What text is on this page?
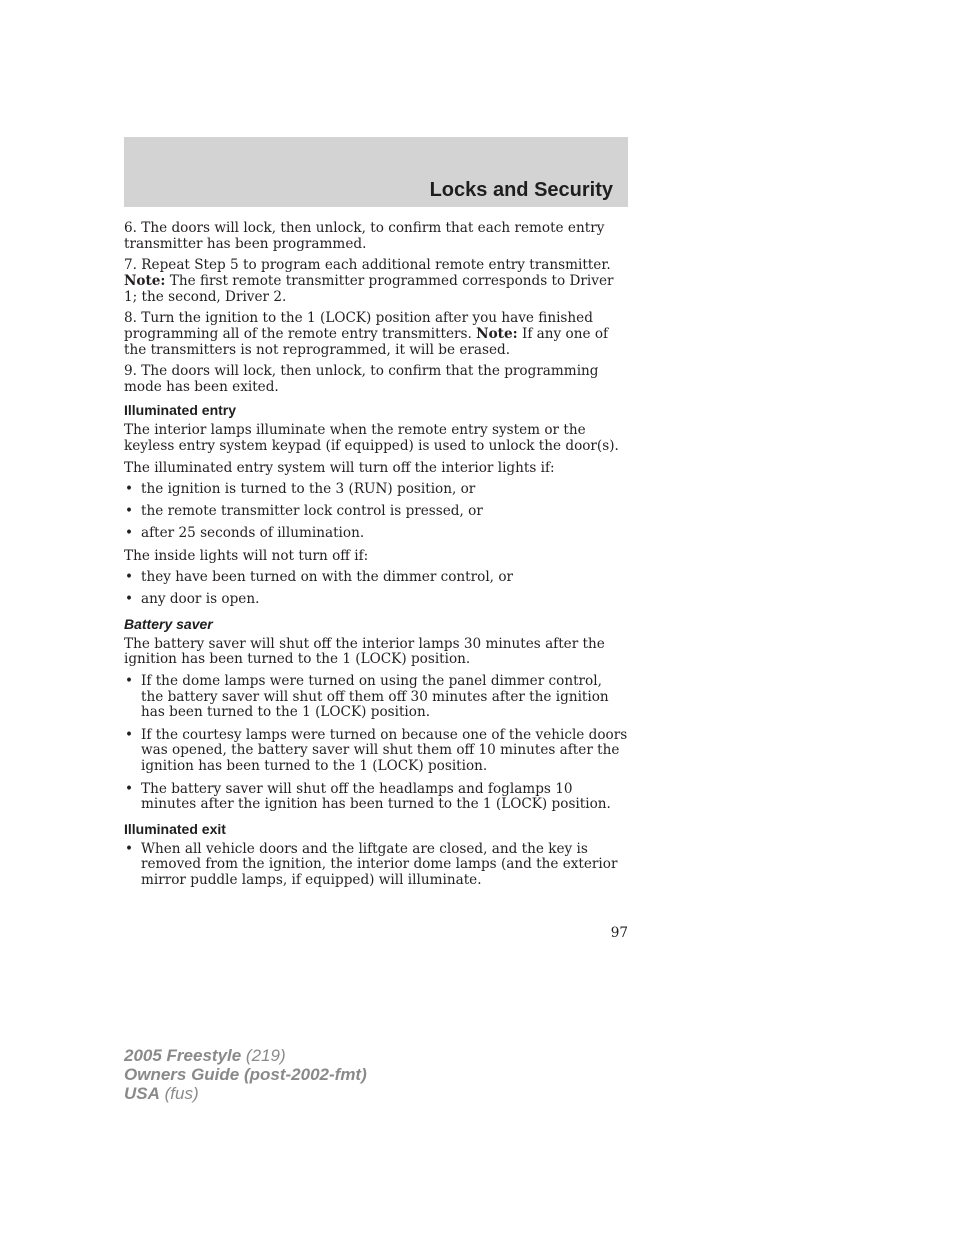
Locks and Security

6. The doors will lock, then unlock, to confirm that each remote entry transmitter has been programmed.

7. Repeat Step 5 to program each additional remote entry transmitter.
Note: The first remote transmitter programmed corresponds to Driver 1; the second, Driver 2.

8. Turn the ignition to the 1 (LOCK) position after you have finished programming all of the remote entry transmitters. Note: If any one of the transmitters is not reprogrammed, it will be erased.

9. The doors will lock, then unlock, to confirm that the programming mode has been exited.

Illuminated entry

The interior lamps illuminate when the remote entry system or the keyless entry system keypad (if equipped) is used to unlock the door(s).

The illuminated entry system will turn off the interior lights if:

• the ignition is turned to the 3 (RUN) position, or
• the remote transmitter lock control is pressed, or
• after 25 seconds of illumination.

The inside lights will not turn off if:

• they have been turned on with the dimmer control, or
• any door is open.
Battery saver

The battery saver will shut off the interior lamps 30 minutes after the ignition has been turned to the 1 (LOCK) position.

• If the dome lamps were turned on using the panel dimmer control, the battery saver will shut off them off 30 minutes after the ignition has been turned to the 1 (LOCK) position.
• If the courtesy lamps were turned on because one of the vehicle doors was opened, the battery saver will shut them off 10 minutes after the ignition has been turned to the 1 (LOCK) position.
• The battery saver will shut off the headlamps and foglamps 10 minutes after the ignition has been turned to the 1 (LOCK) position.
Illuminated exit
• When all vehicle doors and the liftgate are closed, and the key is removed from the ignition, the interior dome lamps (and the exterior mirror puddle lamps, if equipped) will illuminate.
97
2005 Freestyle (219)
Owners Guide (post-2002-fmt)
USA (fus)
